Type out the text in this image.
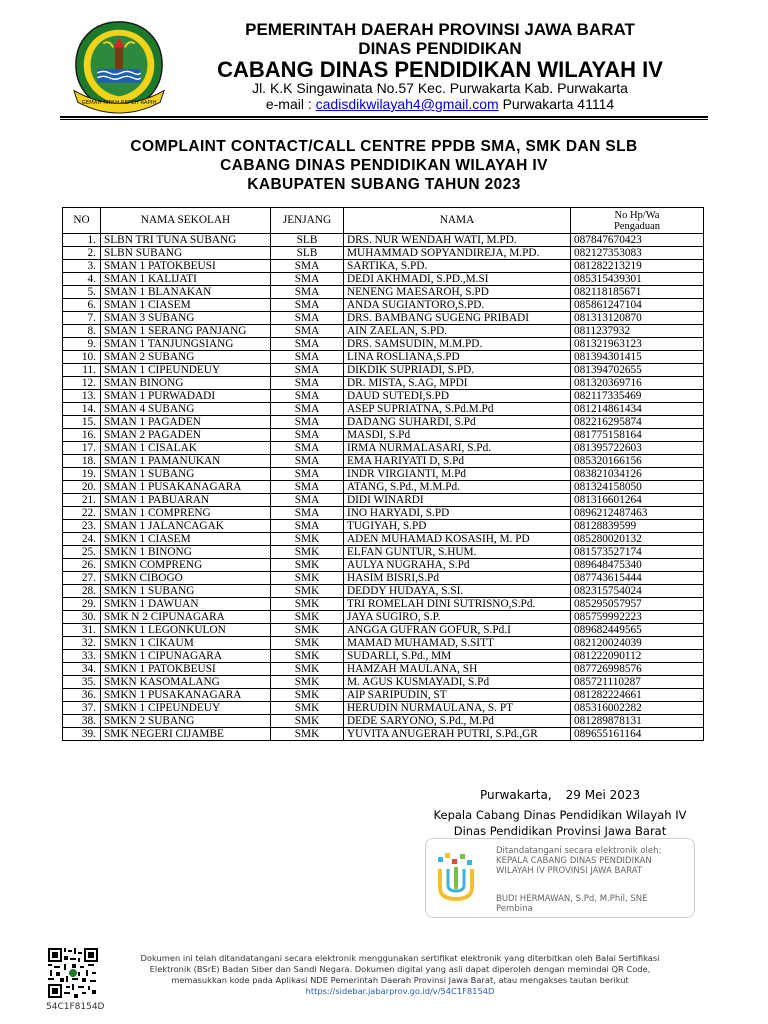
GEMAH RIPAH REPEH RAPIH
PEMERINTAH DAERAH PROVINSI JAWA BARAT
DINAS PENDIDIKAN
CABANG DINAS PENDIDIKAN WILAYAH IV
Jl. K.K Singawinata No.57 Kec. Purwakarta Kab. Purwakarta
e-mail : cadisdikwilayah4@gmail.com Purwakarta 41114
COMPLAINT CONTACT/CALL CENTRE PPDB SMA, SMK DAN SLB
CABANG DINAS PENDIDIKAN WILAYAH IV
KABUPATEN SUBANG TAHUN 2023
NO	NAMA SEKOLAH	JENJANG	NAMA	No Hp/Wa
Pengaduan
1.	SLBN TRI TUNA SUBANG	SLB	DRS. NUR WENDAH WATI, M.PD.	087847670423
2.	SLBN SUBANG	SLB	MUHAMMAD SOPYANDIREJA, M.PD.	082127353083
3.	SMAN 1 PATOKBEUSI	SMA	SARTIKA, S.PD.	081282213219
4.	SMAN 1 KALIJATI	SMA	DEDI AKHMADI, S.PD.,M.SI	085315439301
5.	SMAN 1 BLANAKAN	SMA	NENENG MAESAROH, S.PD	082118185671
6.	SMAN 1 CIASEM	SMA	ANDA SUGIANTORO,S.PD.	085861247104
7.	SMAN 3 SUBANG	SMA	DRS. BAMBANG SUGENG PRIBADI	081313120870
8.	SMAN 1 SERANG PANJANG	SMA	AIN ZAELAN, S.PD.	0811237932
9.	SMAN 1 TANJUNGSIANG	SMA	DRS. SAMSUDIN, M.M.PD.	081321963123
10.	SMAN 2 SUBANG	SMA	LINA ROSLIANA,S.PD	081394301415
11.	SMAN 1 CIPEUNDEUY	SMA	DIKDIK SUPRIADI, S.PD.	081394702655
12.	SMAN BINONG	SMA	DR. MISTA, S.AG, MPDI	081320369716
13.	SMAN 1 PURWADADI	SMA	DAUD SUTEDI,S.PD	082117335469
14.	SMAN 4 SUBANG	SMA	ASEP SUPRIATNA, S.Pd.M.Pd	081214861434
15.	SMAN 1 PAGADEN	SMA	DADANG SUHARDI, S.Pd	082216295874
16.	SMAN 2 PAGADEN	SMA	MASDI, S.Pd	081775158164
17.	SMAN 1 CISALAK	SMA	IRMA NURMALASARI, S.Pd.	081395722603
18.	SMAN 1 PAMANUKAN	SMA	EMA HARIYATI D, S.Pd	085320166156
19.	SMAN 1 SUBANG	SMA	INDR VIRGIANTI, M.Pd	083821034126
20.	SMAN 1 PUSAKANAGARA	SMA	ATANG, S.Pd., M.M.Pd.	081324158050
21.	SMAN 1 PABUARAN	SMA	DIDI WINARDI	081316601264
22.	SMAN 1 COMPRENG	SMA	INO HARYADI, S.PD	0896212487463
23.	SMAN 1 JALANCAGAK	SMA	TUGIYAH, S.PD	08128839599
24.	SMKN 1 CIASEM	SMK	ADEN MUHAMAD KOSASIH, M. PD	085280020132
25.	SMKN 1 BINONG	SMK	ELFAN GUNTUR, S.HUM.	081573527174
26.	SMKN COMPRENG	SMK	AULYA NUGRAHA, S.Pd	089648475340
27.	SMKN CIBOGO	SMK	HASIM BISRI,S.Pd	087743615444
28.	SMKN 1 SUBANG	SMK	DEDDY HUDAYA, S.SI.	082315754024
29.	SMKN 1 DAWUAN	SMK	TRI ROMELAH DINI SUTRISNO,S.Pd.	085295057957
30.	SMK N 2 CIPUNAGARA	SMK	JAYA SUGIRO, S.P.	085759992223
31.	SMKN 1 LEGONKULON	SMK	ANGGA GUFRAN GOFUR, S.Pd.I	089682449565
32.	SMKN 1 CIKAUM	SMK	MAMAD MUHAMAD, S.SITT	082120024039
33.	SMKN 1 CIPUNAGARA	SMK	SUDARLI, S.Pd., MM	081222090112
34.	SMKN 1 PATOKBEUSI	SMK	HAMZAH MAULANA, SH	087726998576
35.	SMKN KASOMALANG	SMK	M. AGUS KUSMAYADI, S.Pd	085721110287
36.	SMKN 1 PUSAKANAGARA	SMK	AIP SARIPUDIN, ST	081282224661
37.	SMKN 1 CIPEUNDEUY	SMK	HERUDIN NURMAULANA, S. PT	085316002282
38.	SMKN 2 SUBANG	SMK	DEDE SARYONO, S.Pd., M.Pd	081289878131
39.	SMK NEGERI CIJAMBE	SMK	YUVITA ANUGERAH PUTRI, S.Pd.,GR	089655161164
Purwakarta, 29 Mei 2023
Kepala Cabang Dinas Pendidikan Wilayah IV
Dinas Pendidikan Provinsi Jawa Barat
Ditandatangani secara elektronik oleh:
KEPALA CABANG DINAS PENDIDIKAN
WILAYAH IV PROVINSI JAWA BARAT
BUDI HERMAWAN, S.Pd, M.Phil, SNE
Pembina
54C1F8154D
Dokumen ini telah ditandatangani secara elektronik menggunakan sertifikat elektronik yang diterbitkan oleh Balai Sertifikasi
Elektronik (BSrE) Badan Siber dan Sandi Negara. Dokumen digital yang asli dapat diperoleh dengan memindai QR Code,
memasukkan kode pada Aplikasi NDE Pemerintah Daerah Provinsi Jawa Barat, atau mengakses tautan berikut
https://sidebar.jabarprov.go.id/v/54C1F8154D
